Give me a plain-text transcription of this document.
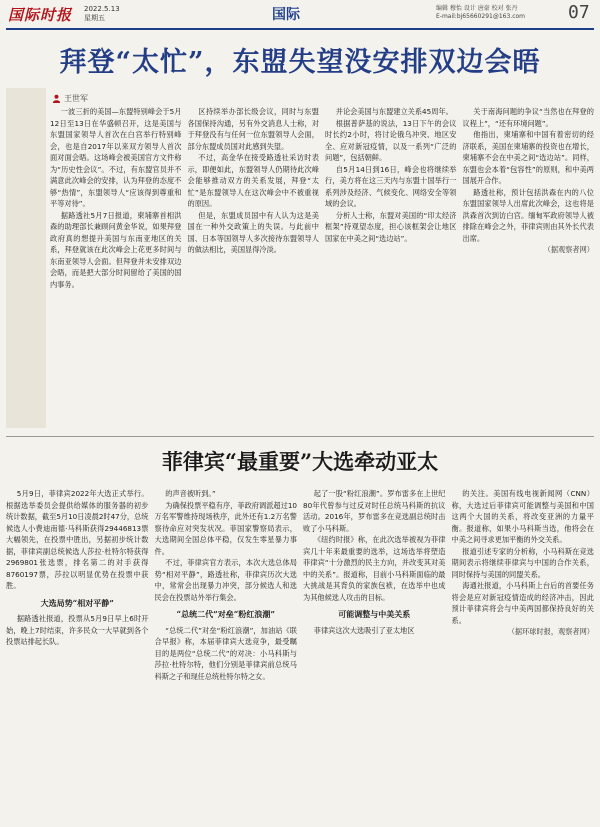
国际时报 2022.5.13
星期五	国际	编辑 穆怡 设计 唐豪 校对 张丹
E-mail:bj65660291@163.com 07
拜登“太忙”，东盟失望没安排双边会晤
王世军

一波三折的美国—东盟特别峰会于5月12日至13日在华盛顿召开，这是美国与东盟国家领导人首次在白宫举行特别峰会，也是自2017年以来双方领导人首次面对面会晤。这场峰会被美国官方文件称为“历史性会议”。不过，有东盟官员并不满意此次峰会的安排，认为拜登的态度不够“热情”，东盟领导人“应该得到尊重和平等对待”。

据路透社5月7日报道，柬埔寨首相洪森的助理部长兼顾问黄金华说，如果拜登政府真的想提升美国与东南亚地区的关系，拜登就该在此次峰会上花更多时间与东南亚领导人会面。但拜登并未安排双边会晤，而是把大部分时间留给了美国的国内事务。

区持续举办部长级会议，同时与东盟各国保持沟通，另有外交消息人士称，对于拜登没有与任何一位东盟领导人会面，部分东盟成员国对此感到失望。

不过，高金华在接受路透社采访时表示，即便如此，东盟领导人仍期待此次峰会能够推动双方的关系发展，拜登“太忙”是东盟领导人在这次峰会中不被重视的原因。

但是，东盟成员国中有人认为这是美国在一种外交政策上的失误。与此前中国、日本等国领导人多次接待东盟领导人的做法相比，美国显得冷淡。

并论会美国与东盟建立关系45周年。

根据普萨基的说法，13日下午的会议时长约2小时，将讨论俄乌冲突、地区安全、应对新冠疫情，以及一系列“广泛的问题”，包括朝鲜。

自5月14日到16日，峰会也将继续举行，美方将在这三天内与东盟十国举行一系列涉及经济、气候变化、网络安全等领域的会议。

分析人士称，东盟对美国的“印太经济框架”持观望态度，担心该框架会让地区国家在中美之间“选边站”。

关于南海问题的争议“当然也在拜登的议程上”，“还有环境问题”。

他指出，柬埔寨和中国有着密切的经济联系，美国在柬埔寨的投资也在增长，柬埔寨不会在中美之间“选边站”。同样，东盟也会本着“包容性”的原则，和中美两国展开合作。

路透社称，预计包括洪森在内的八位东盟国家领导人出席此次峰会，这也将是洪森首次到访白宫。缅甸军政府领导人被排除在峰会之外，菲律宾则由其外长代表出席。

（据观察者网）
菲律宾“最重要”大选牵动亚太

5月9日，菲律宾2022年大选正式举行。根据选举委员会提供给媒体的服务器的初步统计数据，截至5月10日凌晨2时47分，总统候选人小费迪南德·马科斯获得29446813票大幅领先，在投票中胜出，另据初步统计数据，菲律宾副总统候选人莎拉·杜特尔特获得2969801张选票，排名第二的对手获得8760197票，莎拉以明显优势在投票中获胜。

大选局势“相对平静”

据路透社报道，投票从5月9日早上6时开始，晚上7时结束，许多民众一大早就到各个投票站排起长队。

的声音被听到。”

为确保投票平稳有序，菲政府调派超过10万名军警维持现场秩序，此外还有1.2万名警察待命应对突发状况。菲国家警察局表示，大选期间全国总体平稳，仅发生零星暴力事件。

不过，菲律宾官方表示，本次大选总体局势“相对平静”，路透社称，菲律宾历次大选中，常常会出现暴力冲突，部分候选人和选民会在投票站外举行集会。

“总统二代”对垒“粉红浪潮”

“总统二代”对垒“粉红浪潮”，加油站《联合早报》称，本届菲律宾大选竞争，最受瞩目的是两位“总统二代”的对决：小马科斯与莎拉·杜特尔特，他们分别是菲律宾前总统马科斯之子和现任总统杜特尔特之女。

起了一股“粉红浪潮”。罗布雷多在上世纪80年代曾参与过反对时任总统马科斯的抗议活动。2016年，罗布雷多在竞选副总统时击败了小马科斯。

《纽约时报》称，在此次选举被视为菲律宾几十年来最重要的选举，这场选举将塑造菲律宾“十分激烈的民主方向，并改变其对美中的关系”。报道称，目前小马科斯面临的最大挑战是其背负的家族包袱，在选举中也成为其他候选人攻击的目标。

可能调整与中美关系

菲律宾这次大选吸引了亚太地区

的关注。美国有线电视新闻网（CNN）称，大选过后菲律宾可能调整与美国和中国这两个大国的关系，将改变亚洲的力量平衡。报道称，如果小马科斯当选，他将会在中美之间寻求更加平衡的外交关系。

报道引述专家的分析称，小马科斯在竞选期间表示将继续菲律宾与中国的合作关系，同时保持与美国的同盟关系。

海通社报道，小马科斯上台后的首要任务将会是应对新冠疫情造成的经济冲击，因此预计菲律宾将会与中美两国都保持良好的关系。

（据环球时报，观察者网）
